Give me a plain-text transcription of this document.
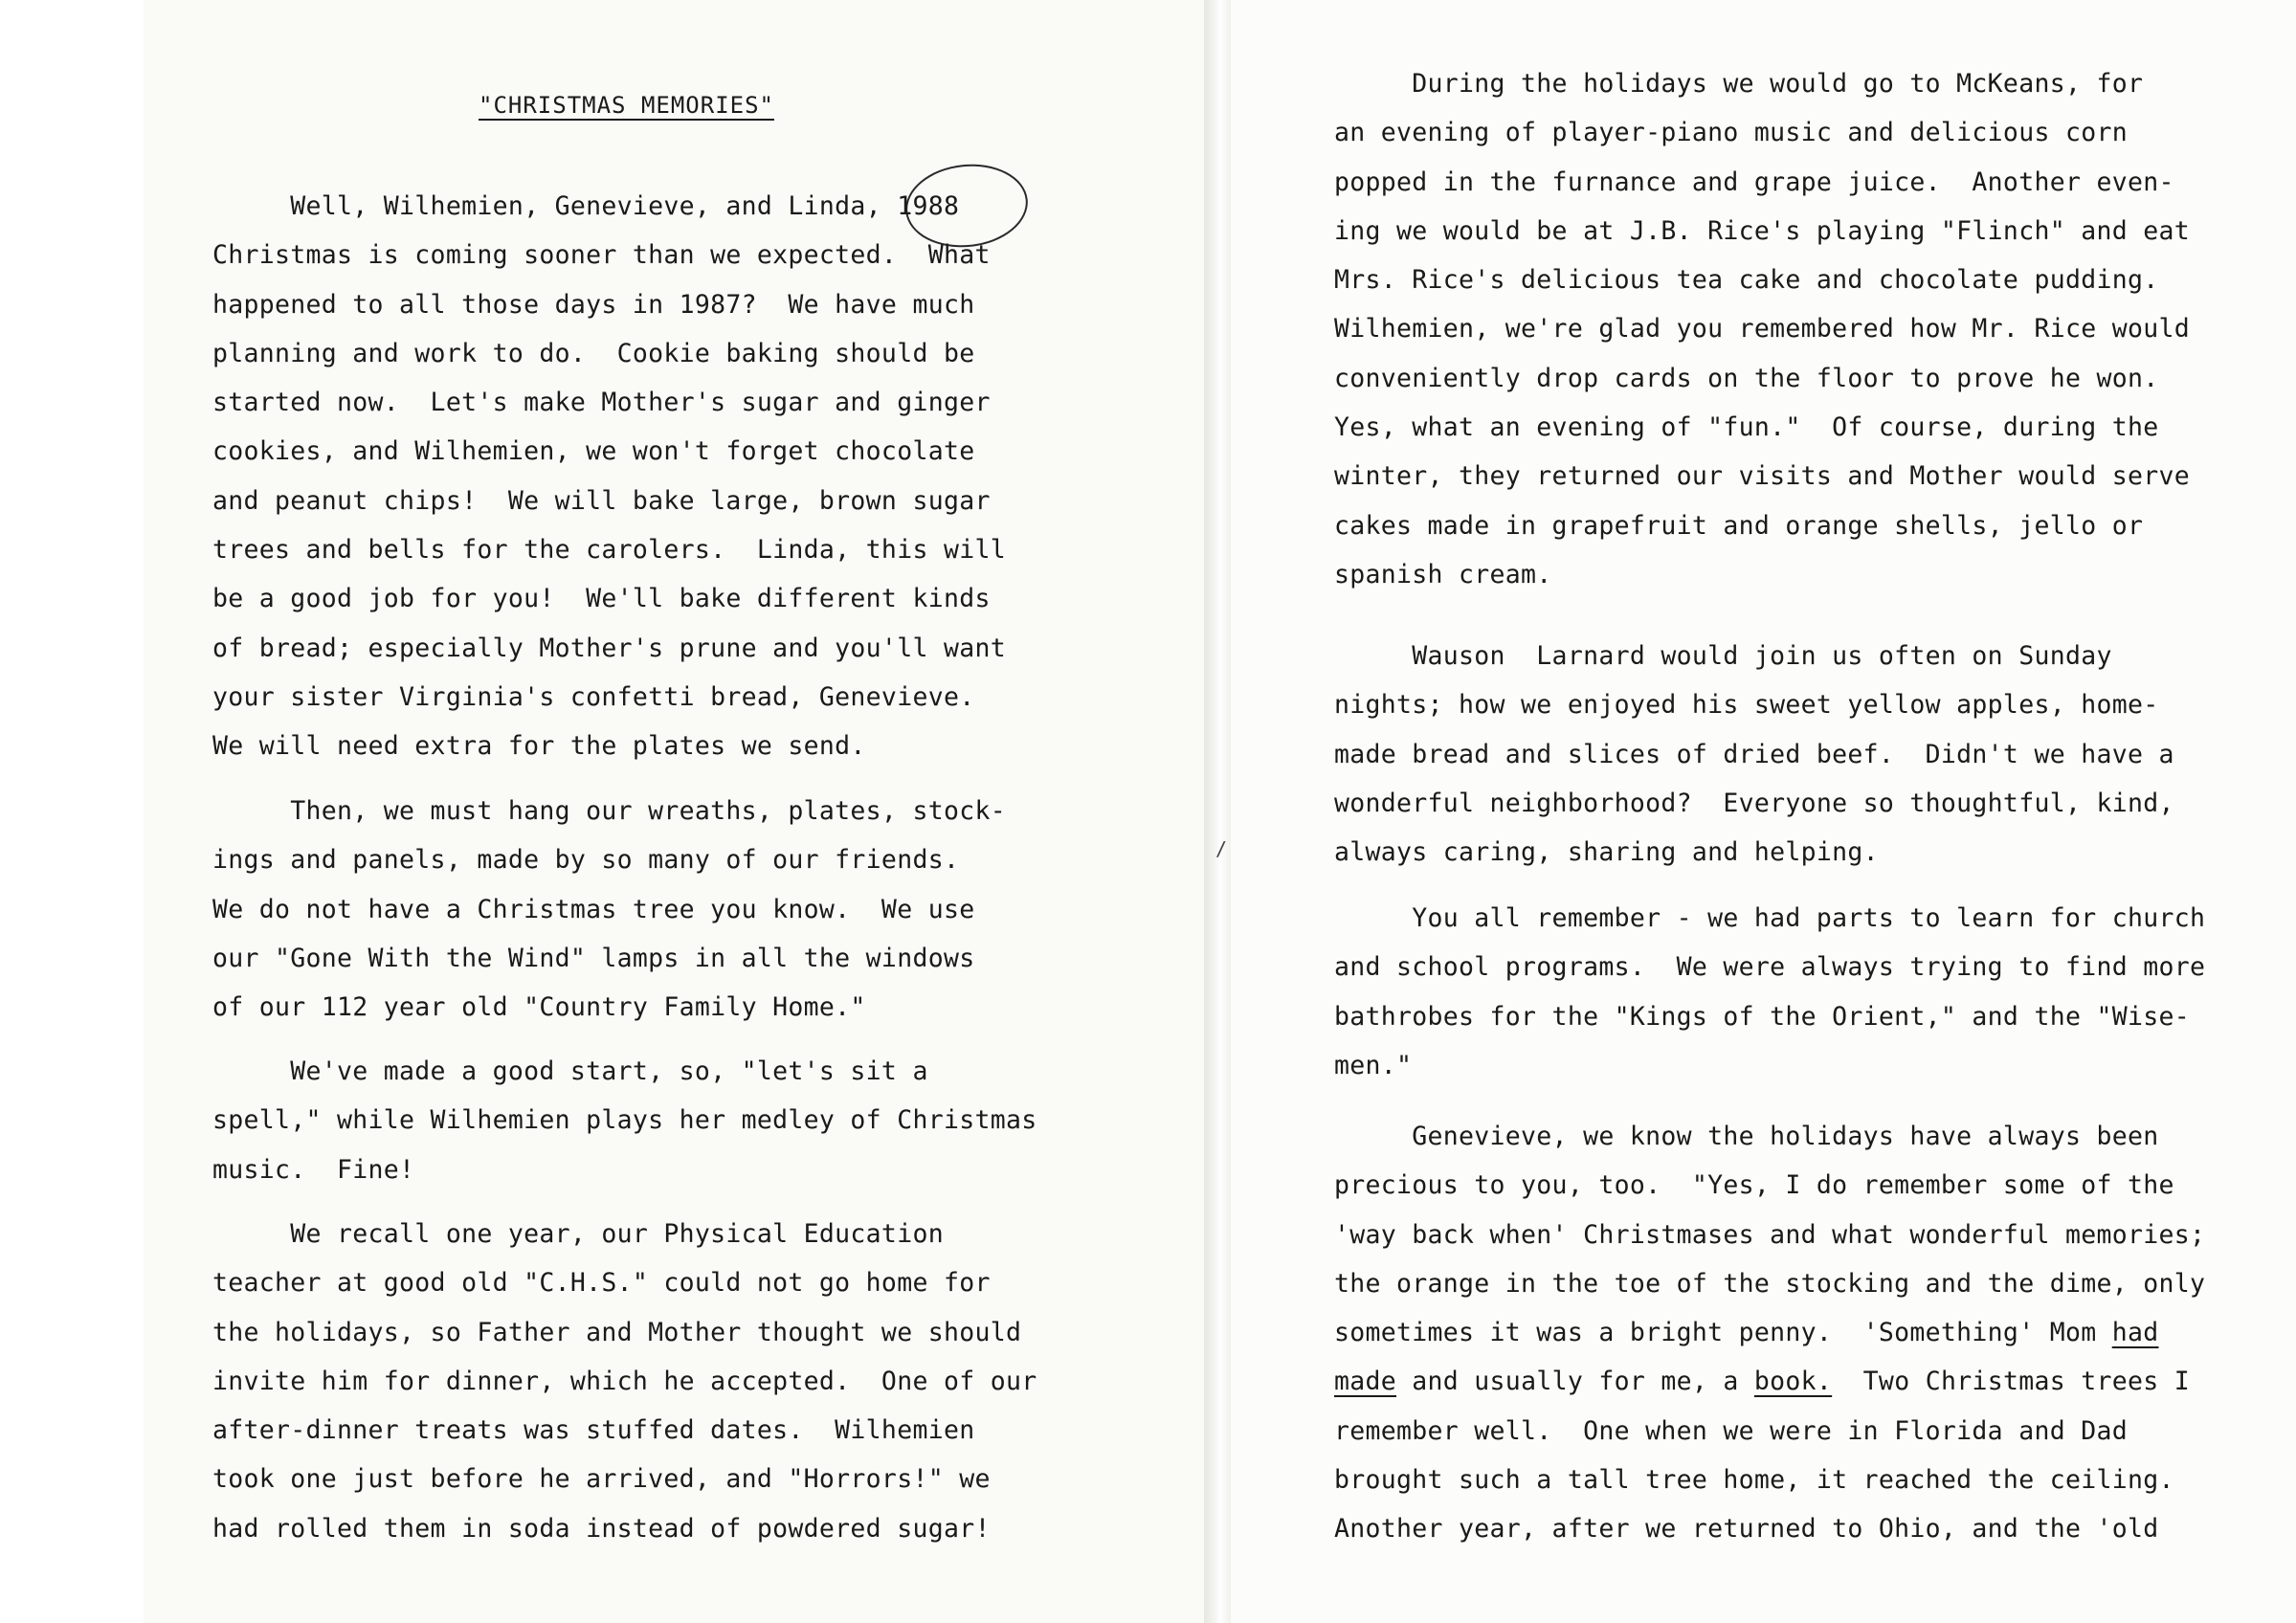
"CHRISTMAS MEMORIES"
/

Well, Wilhemien, Genevieve, and Linda, 1988

Christmas is coming sooner than we expected.  What

happened to all those days in 1987?  We have much

planning and work to do.  Cookie baking should be

started now.  Let's make Mother's sugar and ginger

cookies, and Wilhemien, we won't forget chocolate

and peanut chips!  We will bake large, brown sugar

trees and bells for the carolers.  Linda, this will

be a good job for you!  We'll bake different kinds

of bread; especially Mother's prune and you'll want

your sister Virginia's confetti bread, Genevieve.

We will need extra for the plates we send.

Then, we must hang our wreaths, plates, stock-

ings and panels, made by so many of our friends.

We do not have a Christmas tree you know.  We use

our "Gone With the Wind" lamps in all the windows

of our 112 year old "Country Family Home."

We've made a good start, so, "let's sit a

spell," while Wilhemien plays her medley of Christmas

music.  Fine!

We recall one year, our Physical Education

teacher at good old "C.H.S." could not go home for

the holidays, so Father and Mother thought we should

invite him for dinner, which he accepted.  One of our

after-dinner treats was stuffed dates.  Wilhemien

took one just before he arrived, and "Horrors!" we

had rolled them in soda instead of powdered sugar!

During the holidays we would go to McKeans, for

an evening of player-piano music and delicious corn

popped in the furnance and grape juice.  Another even-

ing we would be at J.B. Rice's playing "Flinch" and eat

Mrs. Rice's delicious tea cake and chocolate pudding.

Wilhemien, we're glad you remembered how Mr. Rice would

conveniently drop cards on the floor to prove he won.

Yes, what an evening of "fun."  Of course, during the

winter, they returned our visits and Mother would serve

cakes made in grapefruit and orange shells, jello or

spanish cream.

Wauson  Larnard would join us often on Sunday

nights; how we enjoyed his sweet yellow apples, home-

made bread and slices of dried beef.  Didn't we have a

wonderful neighborhood?  Everyone so thoughtful, kind,

always caring, sharing and helping.

You all remember - we had parts to learn for church

and school programs.  We were always trying to find more

bathrobes for the "Kings of the Orient," and the "Wise-

men."

Genevieve, we know the holidays have always been

precious to you, too.  "Yes, I do remember some of the

'way back when' Christmases and what wonderful memories;

the orange in the toe of the stocking and the dime, only

sometimes it was a bright penny.  'Something' Mom had

made and usually for me, a book.  Two Christmas trees I

remember well.  One when we were in Florida and Dad

brought such a tall tree home, it reached the ceiling.

Another year, after we returned to Ohio, and the 'old
